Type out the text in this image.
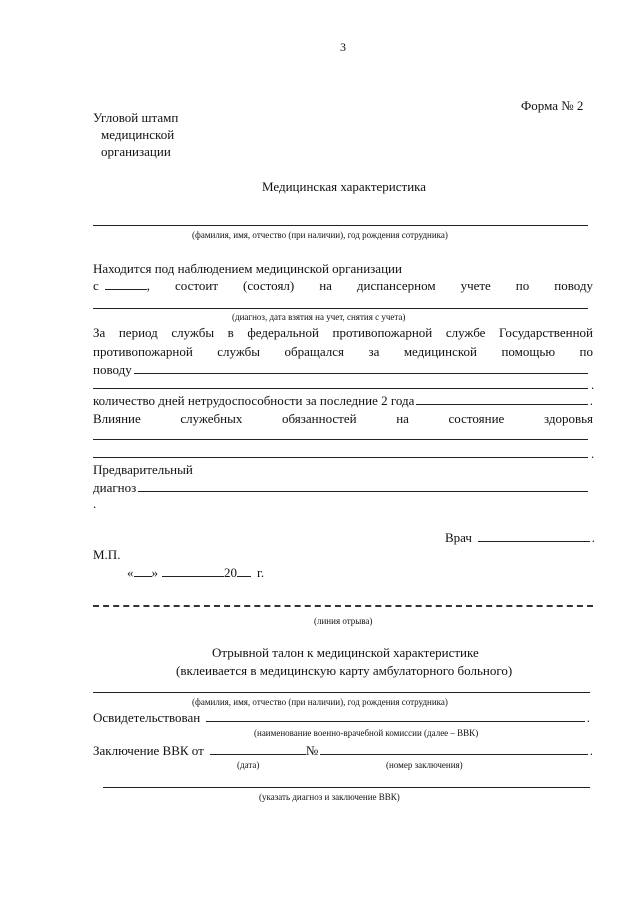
3
Форма № 2
Угловой штамп
медицинской
организации
Медицинская характеристика
(фамилия, имя, отчество (при наличии), год рождения сотрудника)
Находится под наблюдением медицинской организации
с	, состоит (состоял) на диспансерном учете по поводу
(диагноз, дата взятия на учет, снятия с учета)
За период службы в федеральной противопожарной службе Государственной
противопожарной службы обращался за медицинской помощью по
поводу
.
количество дней нетрудоспособности за последние 2 года	.
Влияние	служебных	обязанностей	на	состояние	здоровья
.
Предварительный
диагноз
.
Врач	.
М.П.
« »	20 г.
(линия отрыва)
Отрывной талон к медицинской характеристике
(вклеивается в медицинскую карту амбулаторного больного)
(фамилия, имя, отчество (при наличии), год рождения сотрудника)
Освидетельствован	.
(наименование военно-врачебной комиссии (далее – ВВК)
Заключение ВВК от	№	.
(дата)	(номер заключения)
(указать диагноз и заключение ВВК)
